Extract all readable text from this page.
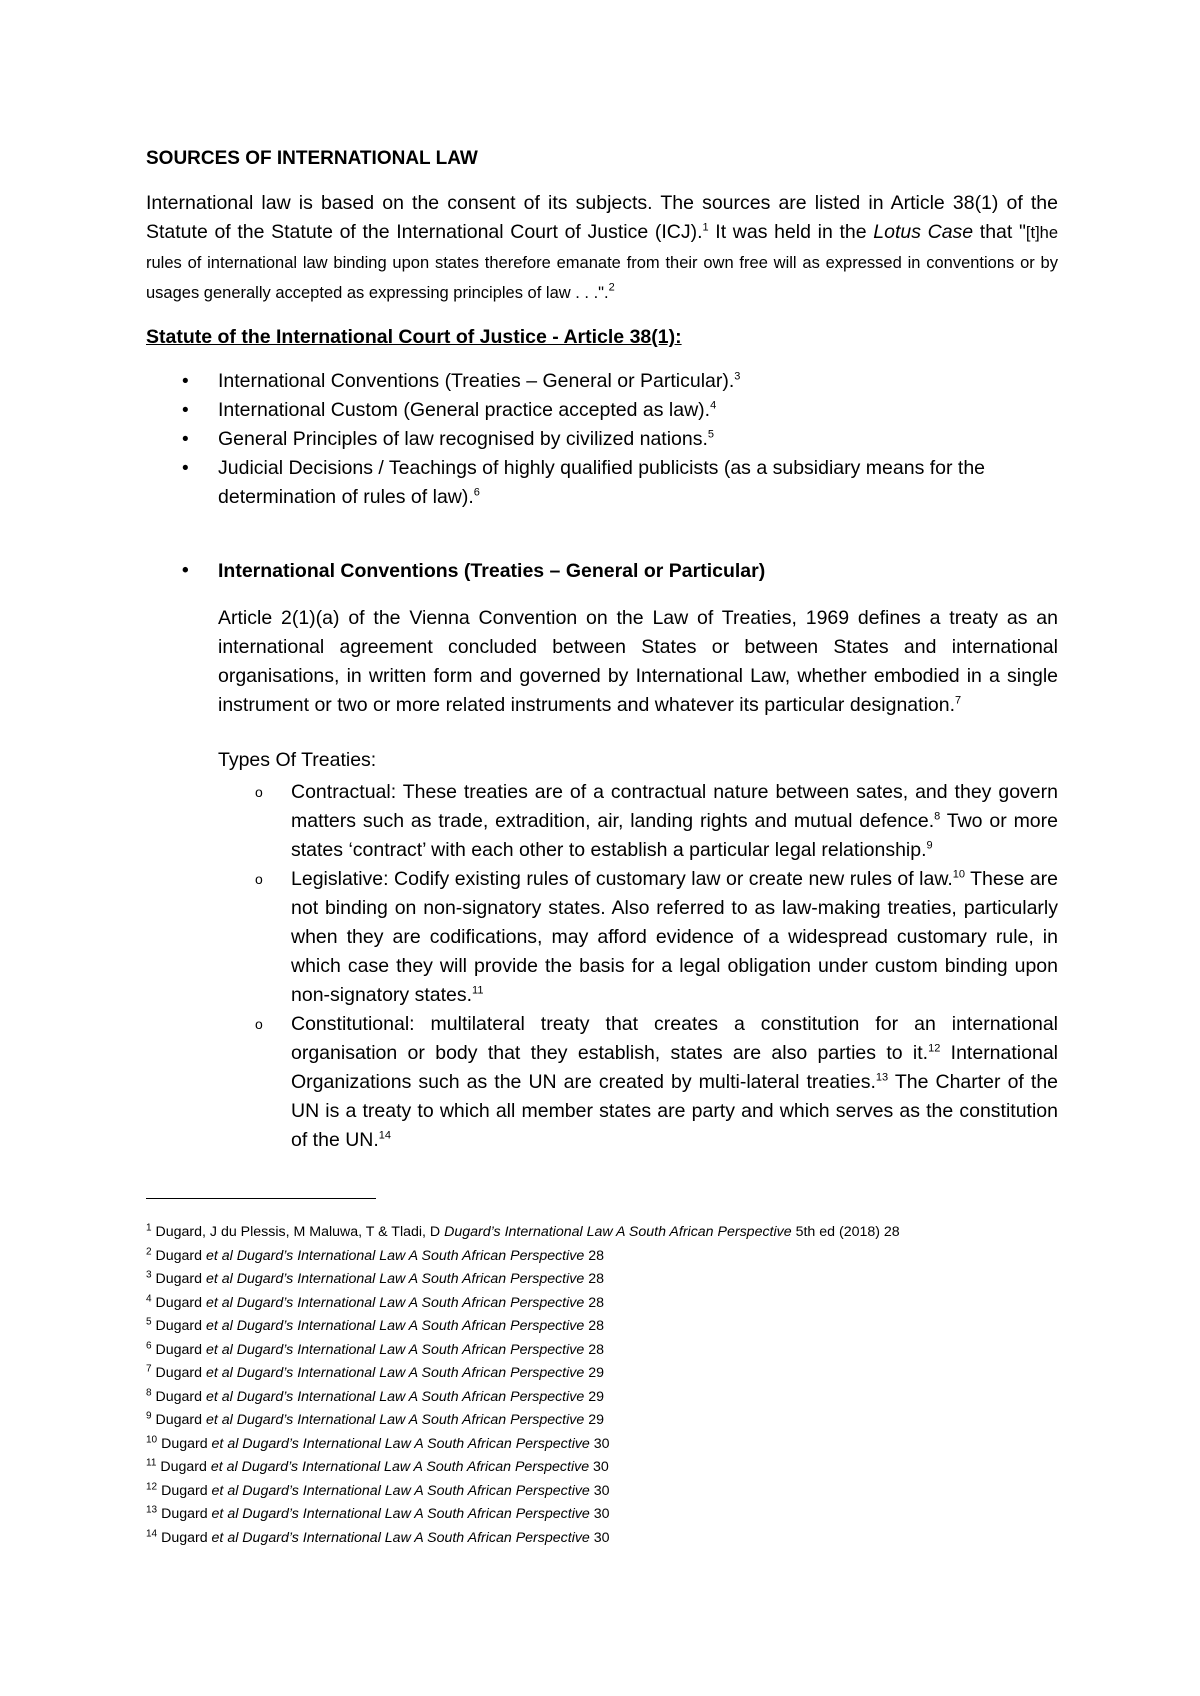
SOURCES OF INTERNATIONAL LAW
International law is based on the consent of its subjects. The sources are listed in Article 38(1) of the Statute of the Statute of the International Court of Justice (ICJ).$^1$ It was held in the Lotus Case that "[t]he rules of international law binding upon states therefore emanate from their own free will as expressed in conventions or by usages generally accepted as expressing principles of law . . .".$^2$
Statute of the International Court of Justice - Article 38(1):
• International Conventions (Treaties – General or Particular).$^3$
• International Custom (General practice accepted as law).$^4$
• General Principles of law recognised by civilized nations.$^5$
• Judicial Decisions / Teachings of highly qualified publicists (as a subsidiary means for the determination of rules of law).$^6$
• International Conventions (Treaties – General or Particular)
Article 2(1)(a) of the Vienna Convention on the Law of Treaties, 1969 defines a treaty as an international agreement concluded between States or between States and international organisations, in written form and governed by International Law, whether embodied in a single instrument or two or more related instruments and whatever its particular designation.$^7$
Types Of Treaties:
o Contractual: These treaties are of a contractual nature between sates, and they govern matters such as trade, extradition, air, landing rights and mutual defence.$^8$ Two or more states ‘contract’ with each other to establish a particular legal relationship.$^9$
o Legislative: Codify existing rules of customary law or create new rules of law.$^{10}$ These are not binding on non-signatory states. Also referred to as law-making treaties, particularly when they are codifications, may afford evidence of a widespread customary rule, in which case they will provide the basis for a legal obligation under custom binding upon non-signatory states.$^{11}$
o Constitutional: multilateral treaty that creates a constitution for an international organisation or body that they establish, states are also parties to it.$^{12}$ International Organizations such as the UN are created by multi-lateral treaties.$^{13}$ The Charter of the UN is a treaty to which all member states are party and which serves as the constitution of the UN.$^{14}$
$^1$ Dugard, J du Plessis, M Maluwa, T & Tladi, D Dugard’s International Law A South African Perspective 5th ed (2018) 28
$^2$ Dugard et al Dugard’s International Law A South African Perspective 28
$^3$ Dugard et al Dugard’s International Law A South African Perspective 28
$^4$ Dugard et al Dugard’s International Law A South African Perspective 28
$^5$ Dugard et al Dugard’s International Law A South African Perspective 28
$^6$ Dugard et al Dugard’s International Law A South African Perspective 28
$^7$ Dugard et al Dugard’s International Law A South African Perspective 29
$^8$ Dugard et al Dugard’s International Law A South African Perspective 29
$^9$ Dugard et al Dugard’s International Law A South African Perspective 29
$^{10}$ Dugard et al Dugard’s International Law A South African Perspective 30
$^{11}$ Dugard et al Dugard’s International Law A South African Perspective 30
$^{12}$ Dugard et al Dugard’s International Law A South African Perspective 30
$^{13}$ Dugard et al Dugard’s International Law A South African Perspective 30
$^{14}$ Dugard et al Dugard’s International Law A South African Perspective 30
